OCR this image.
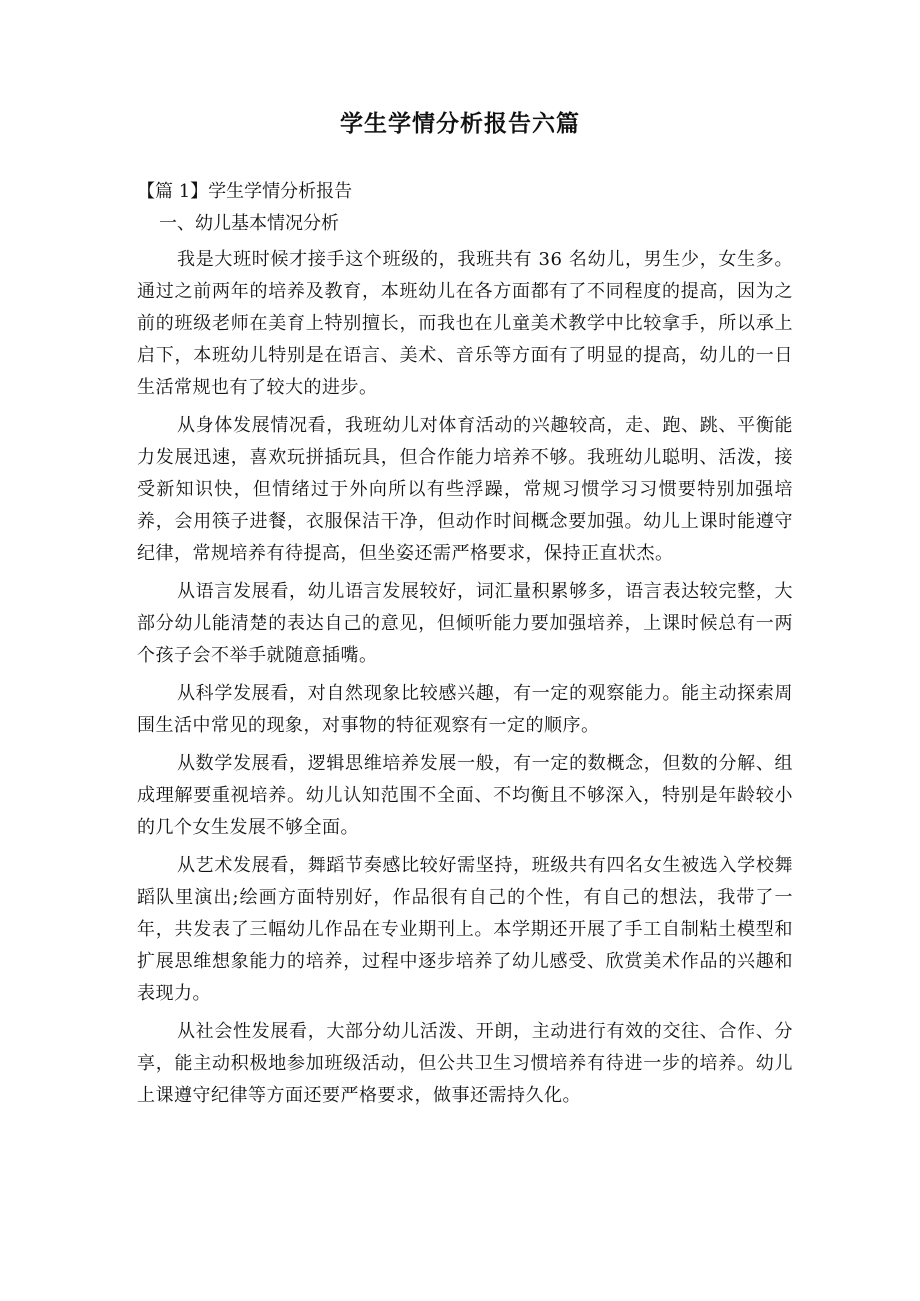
学生学情分析报告六篇

【篇 1】学生学情分析报告

一、幼儿基本情况分析

我是大班时候才接手这个班级的，我班共有 36 名幼儿，男生少，女生多。通过之前两年的培养及教育，本班幼儿在各方面都有了不同程度的提高，因为之前的班级老师在美育上特别擅长，而我也在儿童美术教学中比较拿手，所以承上启下，本班幼儿特别是在语言、美术、音乐等方面有了明显的提高，幼儿的一日生活常规也有了较大的进步。

从身体发展情况看，我班幼儿对体育活动的兴趣较高，走、跑、跳、平衡能力发展迅速，喜欢玩拼插玩具，但合作能力培养不够。我班幼儿聪明、活泼，接受新知识快，但情绪过于外向所以有些浮躁，常规习惯学习习惯要特别加强培养，会用筷子进餐，衣服保洁干净，但动作时间概念要加强。幼儿上课时能遵守纪律，常规培养有待提高，但坐姿还需严格要求，保持正直状杰。

从语言发展看，幼儿语言发展较好，词汇量积累够多，语言表达较完整，大部分幼儿能清楚的表达自己的意见，但倾听能力要加强培养，上课时候总有一两个孩子会不举手就随意插嘴。

从科学发展看，对自然现象比较感兴趣，有一定的观察能力。能主动探索周围生活中常见的现象，对事物的特征观察有一定的顺序。

从数学发展看，逻辑思维培养发展一般，有一定的数概念，但数的分解、组成理解要重视培养。幼儿认知范围不全面、不均衡且不够深入，特别是年龄较小的几个女生发展不够全面。

从艺术发展看，舞蹈节奏感比较好需坚持，班级共有四名女生被选入学校舞蹈队里演出;绘画方面特别好，作品很有自己的个性，有自己的想法，我带了一年，共发表了三幅幼儿作品在专业期刊上。本学期还开展了手工自制粘土模型和扩展思维想象能力的培养，过程中逐步培养了幼儿感受、欣赏美术作品的兴趣和表现力。

从社会性发展看，大部分幼儿活泼、开朗，主动进行有效的交往、合作、分享，能主动积极地参加班级活动，但公共卫生习惯培养有待进一步的培养。幼儿上课遵守纪律等方面还要严格要求，做事还需持久化。
